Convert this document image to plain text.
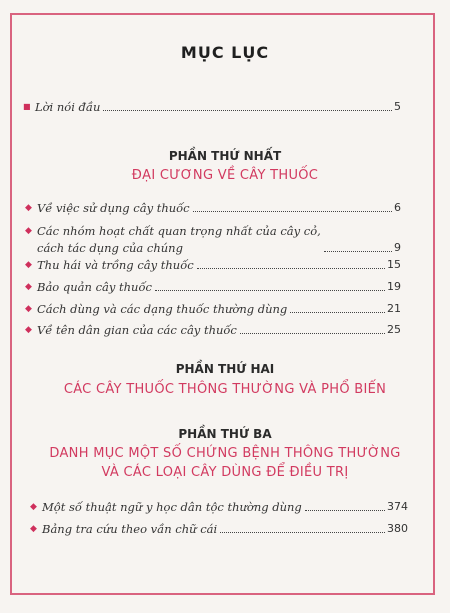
MỤC LỤC
■ Lời nói đầu	5
PHẦN THỨ NHẤT
ĐẠI CƯƠNG VỀ CÂY THUỐC
◆ Về việc sử dụng cây thuốc	6
◆ Các nhóm hoạt chất quan trọng nhất của cây cỏ,
cách tác dụng của chúng	9
◆ Thu hái và trồng cây thuốc	15
◆ Bảo quản cây thuốc	19
◆ Cách dùng và các dạng thuốc thường dùng	21
◆ Về tên dân gian của các cây thuốc	25
PHẦN THỨ HAI
CÁC CÂY THUỐC THÔNG THƯỜNG VÀ PHỔ BIẾN
PHẦN THỨ BA
DANH MỤC MỘT SỐ CHỨNG BỆNH THÔNG THƯỜNG
VÀ CÁC LOẠI CÂY DÙNG ĐỂ ĐIỀU TRỊ
◆ Một số thuật ngữ y học dân tộc thường dùng	374
◆ Bảng tra cứu theo vần chữ cái	380
